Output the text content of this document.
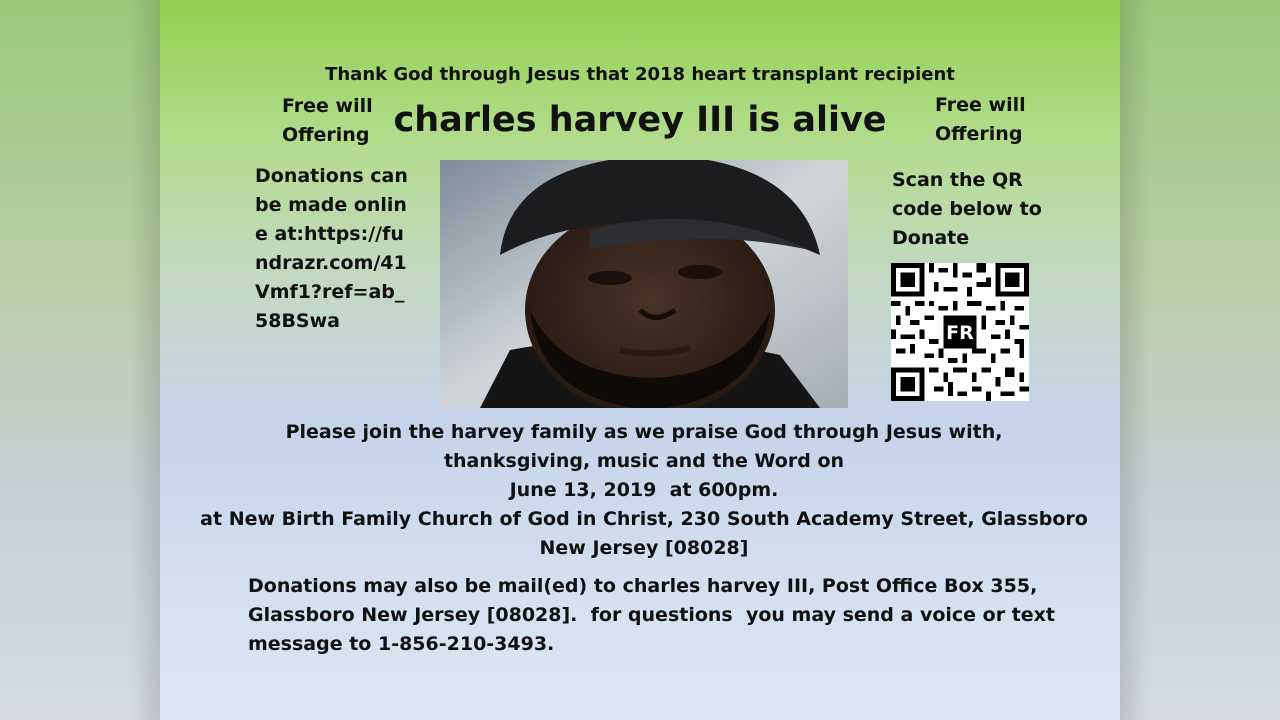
Thank God through Jesus that 2018 heart transplant recipient
charles harvey III is alive
Free will
Offering
Free will
Offering
Donations can be made online at:https://fundrazr.com/41Vmf1?ref=ab_58BSwa
Scan the QR code below to Donate
FR
Please join the harvey family as we praise God through Jesus with,
thanksgiving, music and the Word on
June 13, 2019  at 600pm.
at New Birth Family Church of God in Christ, 230 South Academy Street, Glassboro
New Jersey [08028]
Donations may also be mail(ed) to charles harvey III, Post Office Box 355,
Glassboro New Jersey [08028].  for questions  you may send a voice or text
message to 1-856-210-3493.
